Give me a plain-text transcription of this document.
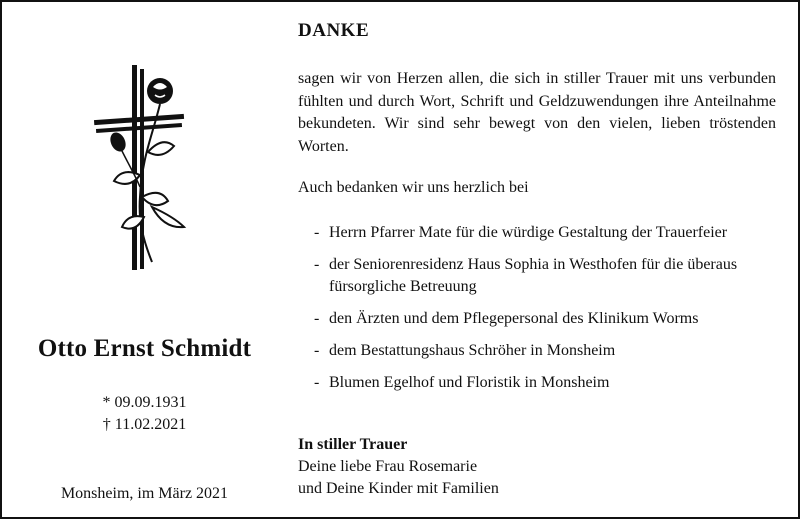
Otto Ernst Schmidt
* 09.09.1931
† 11.02.2021
Monsheim, im März 2021
DANKE
sagen wir von Herzen allen, die sich in stiller Trauer mit uns verbunden fühlten und durch Wort, Schrift und Geldzuwendungen ihre Anteilnahme bekundeten. Wir sind sehr bewegt von den vielen, lieben tröstenden Worten.
Auch bedanken wir uns herzlich bei
- Herrn Pfarrer Mate für die würdige Gestaltung der Trauerfeier
- der Seniorenresidenz Haus Sophia in Westhofen für die überaus fürsorgliche Betreuung
- den Ärzten und dem Pflegepersonal des Klinikum Worms
- dem Bestattungshaus Schröher in Monsheim
- Blumen Egelhof und Floristik in Monsheim
In stiller Trauer
Deine liebe Frau Rosemarie
und Deine Kinder mit Familien
